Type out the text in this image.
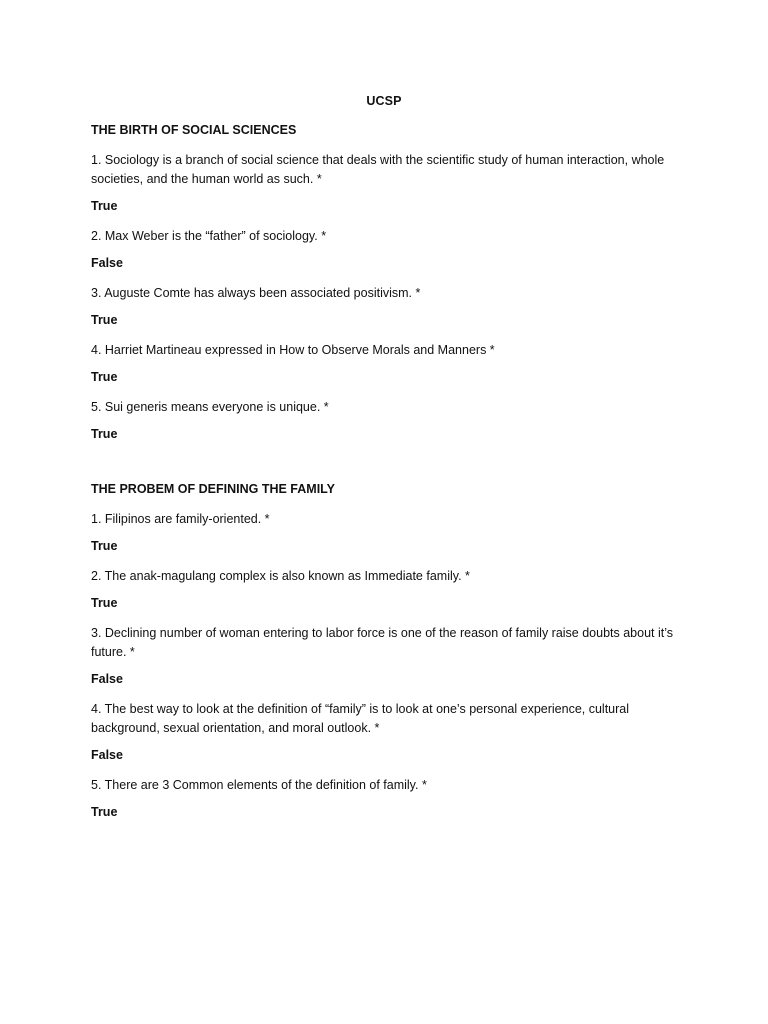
UCSP
THE BIRTH OF SOCIAL SCIENCES
1. Sociology is a branch of social science that deals with the scientific study of human interaction, whole societies, and the human world as such. *
True
2. Max Weber is the “father” of sociology. *
False
3. Auguste Comte has always been associated positivism. *
True
4. Harriet Martineau expressed in How to Observe Morals and Manners *
True
5. Sui generis means everyone is unique. *
True
THE PROBEM OF DEFINING THE FAMILY
1. Filipinos are family-oriented. *
True
2. The anak-magulang complex is also known as Immediate family. *
True
3. Declining number of woman entering to labor force is one of the reason of family raise doubts about it’s future. *
False
4. The best way to look at the definition of “family” is to look at one’s personal experience, cultural background, sexual orientation, and moral outlook. *
False
5. There are 3 Common elements of the definition of family. *
True
